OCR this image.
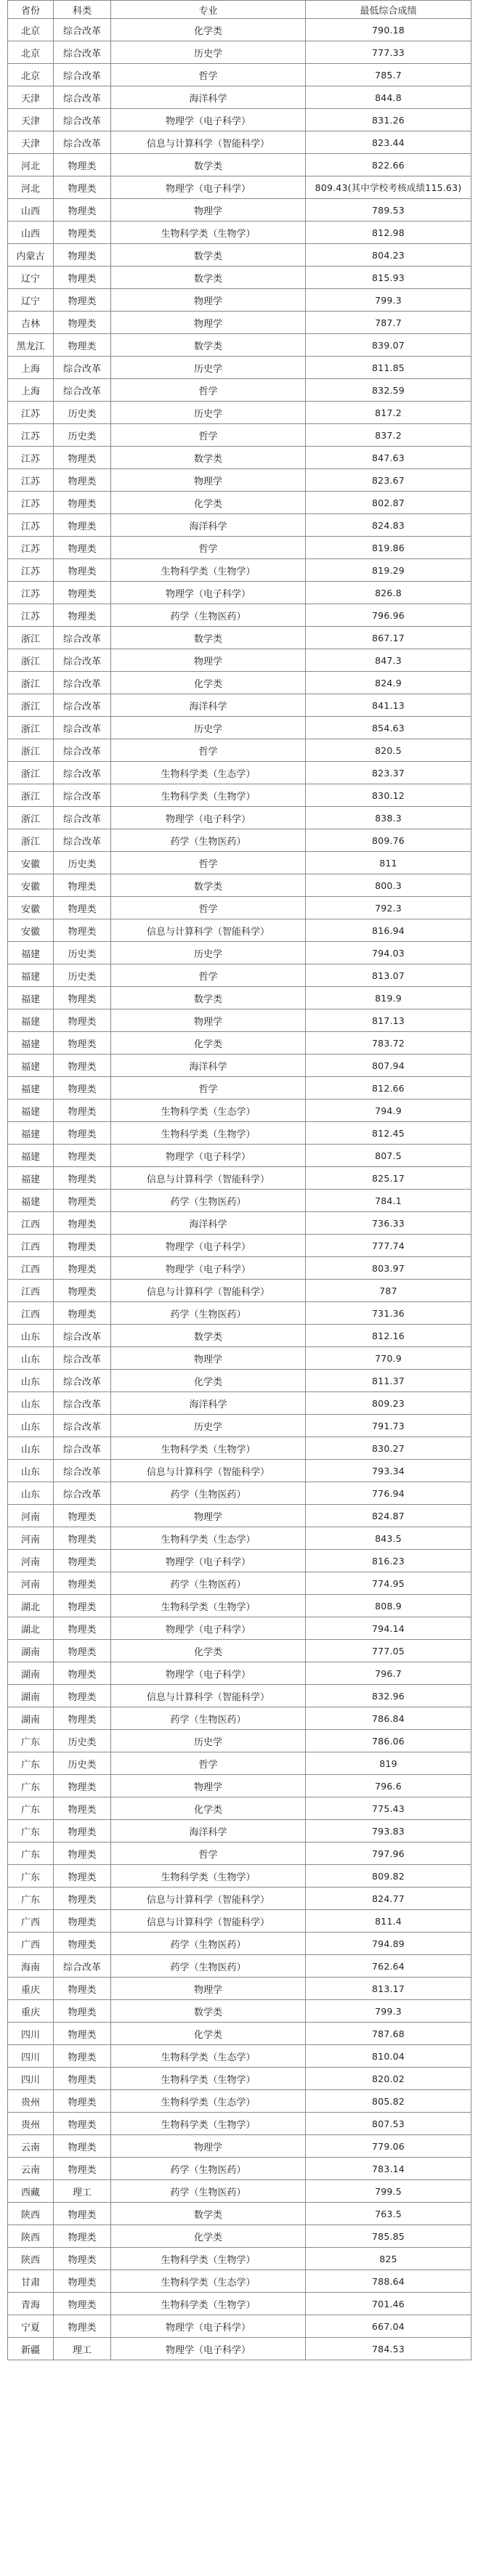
省份	科类	专业	最低综合成绩
北京	综合改革	化学类	790.18
北京	综合改革	历史学	777.33
北京	综合改革	哲学	785.7
天津	综合改革	海洋科学	844.8
天津	综合改革	物理学（电子科学）	831.26
天津	综合改革	信息与计算科学（智能科学）	823.44
河北	物理类	数学类	822.66
河北	物理类	物理学（电子科学）	809.43(其中学校考核成绩115.63)
山西	物理类	物理学	789.53
山西	物理类	生物科学类（生物学）	812.98
内蒙古	物理类	数学类	804.23
辽宁	物理类	数学类	815.93
辽宁	物理类	物理学	799.3
吉林	物理类	物理学	787.7
黑龙江	物理类	数学类	839.07
上海	综合改革	历史学	811.85
上海	综合改革	哲学	832.59
江苏	历史类	历史学	817.2
江苏	历史类	哲学	837.2
江苏	物理类	数学类	847.63
江苏	物理类	物理学	823.67
江苏	物理类	化学类	802.87
江苏	物理类	海洋科学	824.83
江苏	物理类	哲学	819.86
江苏	物理类	生物科学类（生物学）	819.29
江苏	物理类	物理学（电子科学）	826.8
江苏	物理类	药学（生物医药）	796.96
浙江	综合改革	数学类	867.17
浙江	综合改革	物理学	847.3
浙江	综合改革	化学类	824.9
浙江	综合改革	海洋科学	841.13
浙江	综合改革	历史学	854.63
浙江	综合改革	哲学	820.5
浙江	综合改革	生物科学类（生态学）	823.37
浙江	综合改革	生物科学类（生物学）	830.12
浙江	综合改革	物理学（电子科学）	838.3
浙江	综合改革	药学（生物医药）	809.76
安徽	历史类	哲学	811
安徽	物理类	数学类	800.3
安徽	物理类	哲学	792.3
安徽	物理类	信息与计算科学（智能科学）	816.94
福建	历史类	历史学	794.03
福建	历史类	哲学	813.07
福建	物理类	数学类	819.9
福建	物理类	物理学	817.13
福建	物理类	化学类	783.72
福建	物理类	海洋科学	807.94
福建	物理类	哲学	812.66
福建	物理类	生物科学类（生态学）	794.9
福建	物理类	生物科学类（生物学）	812.45
福建	物理类	物理学（电子科学）	807.5
福建	物理类	信息与计算科学（智能科学）	825.17
福建	物理类	药学（生物医药）	784.1
江西	物理类	海洋科学	736.33
江西	物理类	物理学（电子科学）	777.74
江西	物理类	物理学（电子科学）	803.97
江西	物理类	信息与计算科学（智能科学）	787
江西	物理类	药学（生物医药）	731.36
山东	综合改革	数学类	812.16
山东	综合改革	物理学	770.9
山东	综合改革	化学类	811.37
山东	综合改革	海洋科学	809.23
山东	综合改革	历史学	791.73
山东	综合改革	生物科学类（生物学）	830.27
山东	综合改革	信息与计算科学（智能科学）	793.34
山东	综合改革	药学（生物医药）	776.94
河南	物理类	物理学	824.87
河南	物理类	生物科学类（生态学）	843.5
河南	物理类	物理学（电子科学）	816.23
河南	物理类	药学（生物医药）	774.95
湖北	物理类	生物科学类（生物学）	808.9
湖北	物理类	物理学（电子科学）	794.14
湖南	物理类	化学类	777.05
湖南	物理类	物理学（电子科学）	796.7
湖南	物理类	信息与计算科学（智能科学）	832.96
湖南	物理类	药学（生物医药）	786.84
广东	历史类	历史学	786.06
广东	历史类	哲学	819
广东	物理类	物理学	796.6
广东	物理类	化学类	775.43
广东	物理类	海洋科学	793.83
广东	物理类	哲学	797.96
广东	物理类	生物科学类（生物学）	809.82
广东	物理类	信息与计算科学（智能科学）	824.77
广西	物理类	信息与计算科学（智能科学）	811.4
广西	物理类	药学（生物医药）	794.89
海南	综合改革	药学（生物医药）	762.64
重庆	物理类	物理学	813.17
重庆	物理类	数学类	799.3
四川	物理类	化学类	787.68
四川	物理类	生物科学类（生态学）	810.04
四川	物理类	生物科学类（生物学）	820.02
贵州	物理类	生物科学类（生态学）	805.82
贵州	物理类	生物科学类（生物学）	807.53
云南	物理类	物理学	779.06
云南	物理类	药学（生物医药）	783.14
西藏	理工	药学（生物医药）	799.5
陕西	物理类	数学类	763.5
陕西	物理类	化学类	785.85
陕西	物理类	生物科学类（生物学）	825
甘肃	物理类	生物科学类（生态学）	788.64
青海	物理类	生物科学类（生物学）	701.46
宁夏	物理类	物理学（电子科学）	667.04
新疆	理工	物理学（电子科学）	784.53
